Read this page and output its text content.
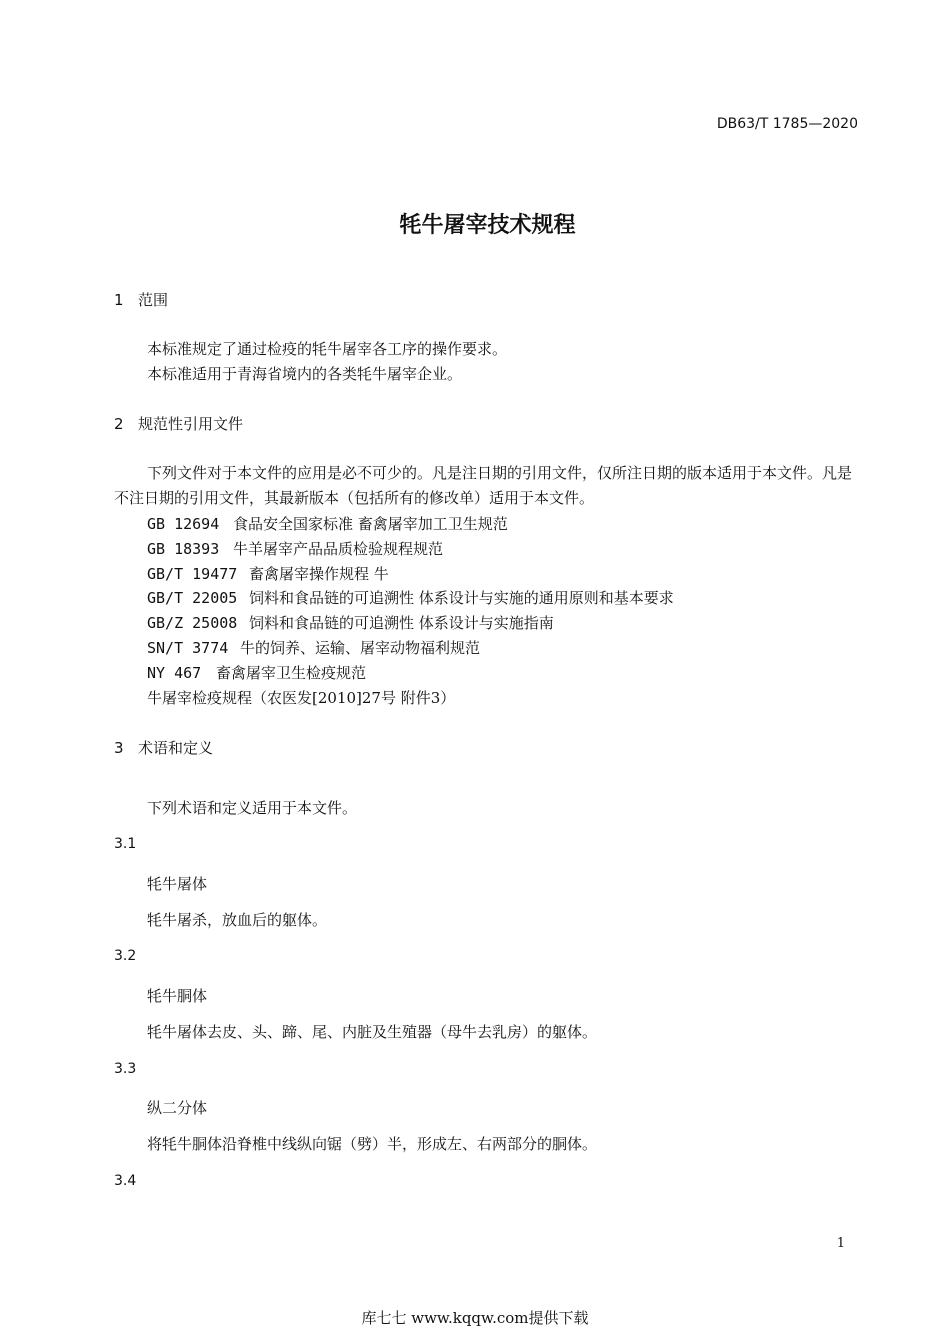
DB63/T 1785—2020
牦牛屠宰技术规程
1 范围
本标准规定了通过检疫的牦牛屠宰各工序的操作要求。
本标准适用于青海省境内的各类牦牛屠宰企业。
2 规范性引用文件
下列文件对于本文件的应用是必不可少的。凡是注日期的引用文件，仅所注日期的版本适用于本文件。凡是不注日期的引用文件，其最新版本（包括所有的修改单）适用于本文件。
GB 12694 食品安全国家标准 畜禽屠宰加工卫生规范
GB 18393 牛羊屠宰产品品质检验规程规范
GB/T 19477 畜禽屠宰操作规程 牛
GB/T 22005 饲料和食品链的可追溯性 体系设计与实施的通用原则和基本要求
GB/Z 25008 饲料和食品链的可追溯性 体系设计与实施指南
SN/T 3774 牛的饲养、运输、屠宰动物福利规范
NY 467 畜禽屠宰卫生检疫规范
牛屠宰检疫规程（农医发[2010]27号 附件3）
3 术语和定义
下列术语和定义适用于本文件。
3.1
牦牛屠体
牦牛屠杀，放血后的躯体。
3.2
牦牛胴体
牦牛屠体去皮、头、蹄、尾、内脏及生殖器（母牛去乳房）的躯体。
3.3
纵二分体
将牦牛胴体沿脊椎中线纵向锯（劈）半，形成左、右两部分的胴体。
3.4
1
库七七 www.kqqw.com提供下载
